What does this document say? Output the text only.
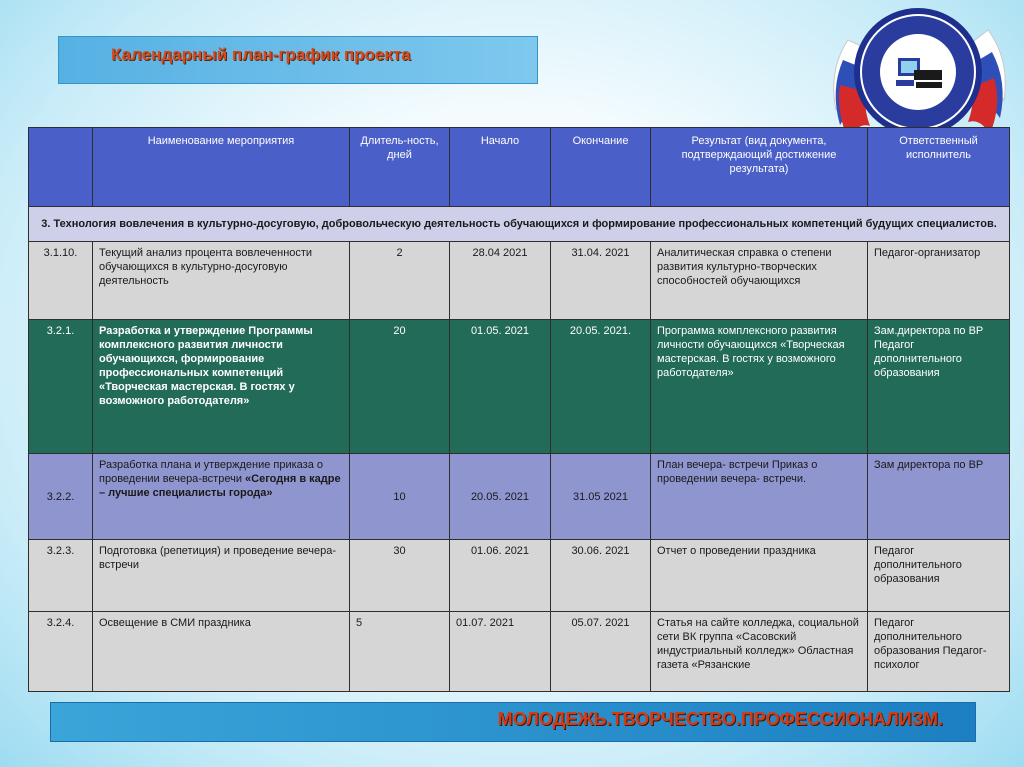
Календарный план-график проекта
	Наименование мероприятия	Длитель-ность, дней	Начало	Окончание	Результат (вид документа, подтверждающий достижение результата)	Ответственный исполнитель
3. Технология вовлечения в культурно-досуговую, добровольческую деятельность обучающихся и формирование профессиональных компетенций будущих специалистов.						
3.1.10.	Текущий анализ процента вовлеченности обучающихся в культурно-досуговую деятельность	2	28.04 2021	31.04. 2021	Аналитическая справка о степени развития культурно-творческих способностей обучающихся	Педагог-организатор
3.2.1.	Разработка и утверждение Программы комплексного развития личности обучающихся, формирование профессиональных компетенций «Творческая мастерская. В гостях у возможного работодателя»	20	01.05. 2021	20.05. 2021.	Программа комплексного развития личности обучающихся «Творческая мастерская. В гостях у возможного работодателя»	Зам.директора по ВР Педагог дополнительного образования
3.2.2.	Разработка плана и утверждение приказа о проведении вечера-встречи «Сегодня в кадре – лучшие специалисты города»	10	20.05. 2021	31.05 2021	План вечера- встречи Приказ о проведении вечера- встречи.	Зам директора по ВР
3.2.3.	Подготовка (репетиция) и проведение вечера- встречи	30	01.06. 2021	30.06. 2021	Отчет о проведении праздника	Педагог дополнительного образования
3.2.4.	Освещение в СМИ праздника	5	01.07. 2021	05.07. 2021	Статья на сайте колледжа, социальной сети ВК группа «Сасовский индустриальный колледж» Областная газета «Рязанские	Педагог дополнительного образования Педагог-психолог
МОЛОДЕЖЬ.ТВОРЧЕСТВО.ПРОФЕССИОНАЛИЗМ.
